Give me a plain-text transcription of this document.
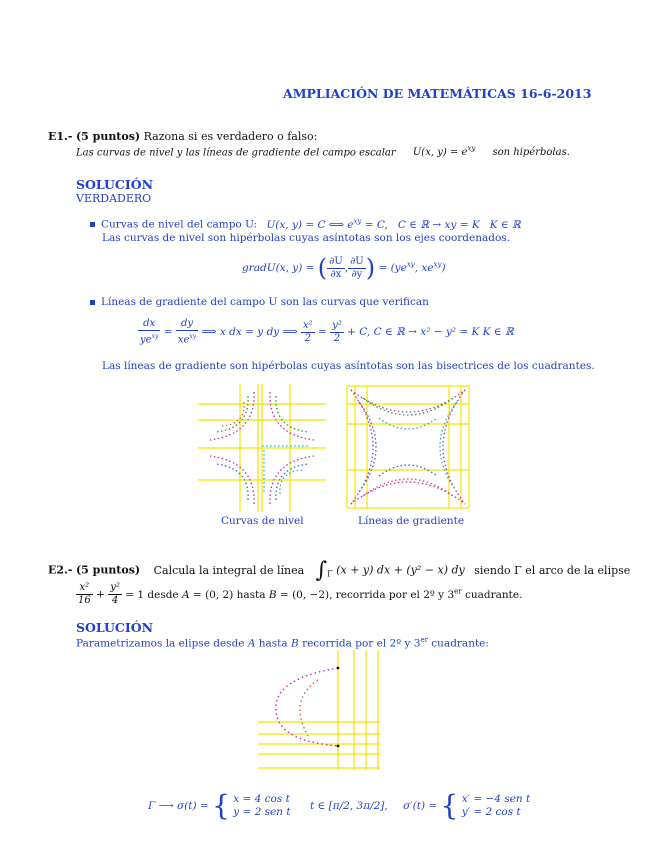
AMPLIACIÓN DE MATEMÁTICAS 16-6-2013
E1.- (5 puntos) Razona si es verdadero o falso:
Las curvas de nivel y las líneas de gradiente del campo escalar U(x, $y) = e^{xy}$ son hipérbolas.
SOLUCIÓN
VERDADERO
Curvas de nivel del campo U: U(x, y) = C ⟺ $e^{xy} = C$,   C ∈ ℝ → xy = K   K ∈ ℝ
Las curvas de nivel son hipérbolas cuyas asíntotas son los ejes coordenados.
gradU(x, y) = ( $\frac{\partial U}{\partial x}$ , $\frac{\partial U}{\partial y}$ ) = ($ye^{xy}$, $xe^{xy}$)
Líneas de gradiente del campo U son las curvas que verifican
$\frac{dx}{ye^{xy}} = \frac{dy}{xe^{xy}}$ ⟹ x dx = y dy ⟹ $\frac{\text{x²}}{2} = \frac{\text{y²}}{2} + C$, C ∈ ℝ → x² − y² = K K ∈ ℝ
Las líneas de gradiente son hipérbolas cuyas asíntotas son las bisectrices de los cuadrantes.
Curvas de nivel	Líneas de gradiente
E2.- (5 puntos) Calcula la integral de línea $\int_\Gamma$ (x + y) dx + (y² − x) dy siendo Γ el arco de la elipse
$\frac{\text{x²}}{16} + \frac{\text{y²}}{4} = 1$ desde A = (0, 2) hasta B = (0, −2), recorrida por el 2º y 3er cuadrante.
SOLUCIÓN
Parametrizamos la elipse desde A hasta B recorrida por el 2º y 3er cuadrante:
Γ ⟶ σ(t) = { x = 4 cos t
y = 2 sen t t ∈ [π/2, 3π/2], σ′(t) = { x′ = −4 sen t
y′ = 2 cos t
